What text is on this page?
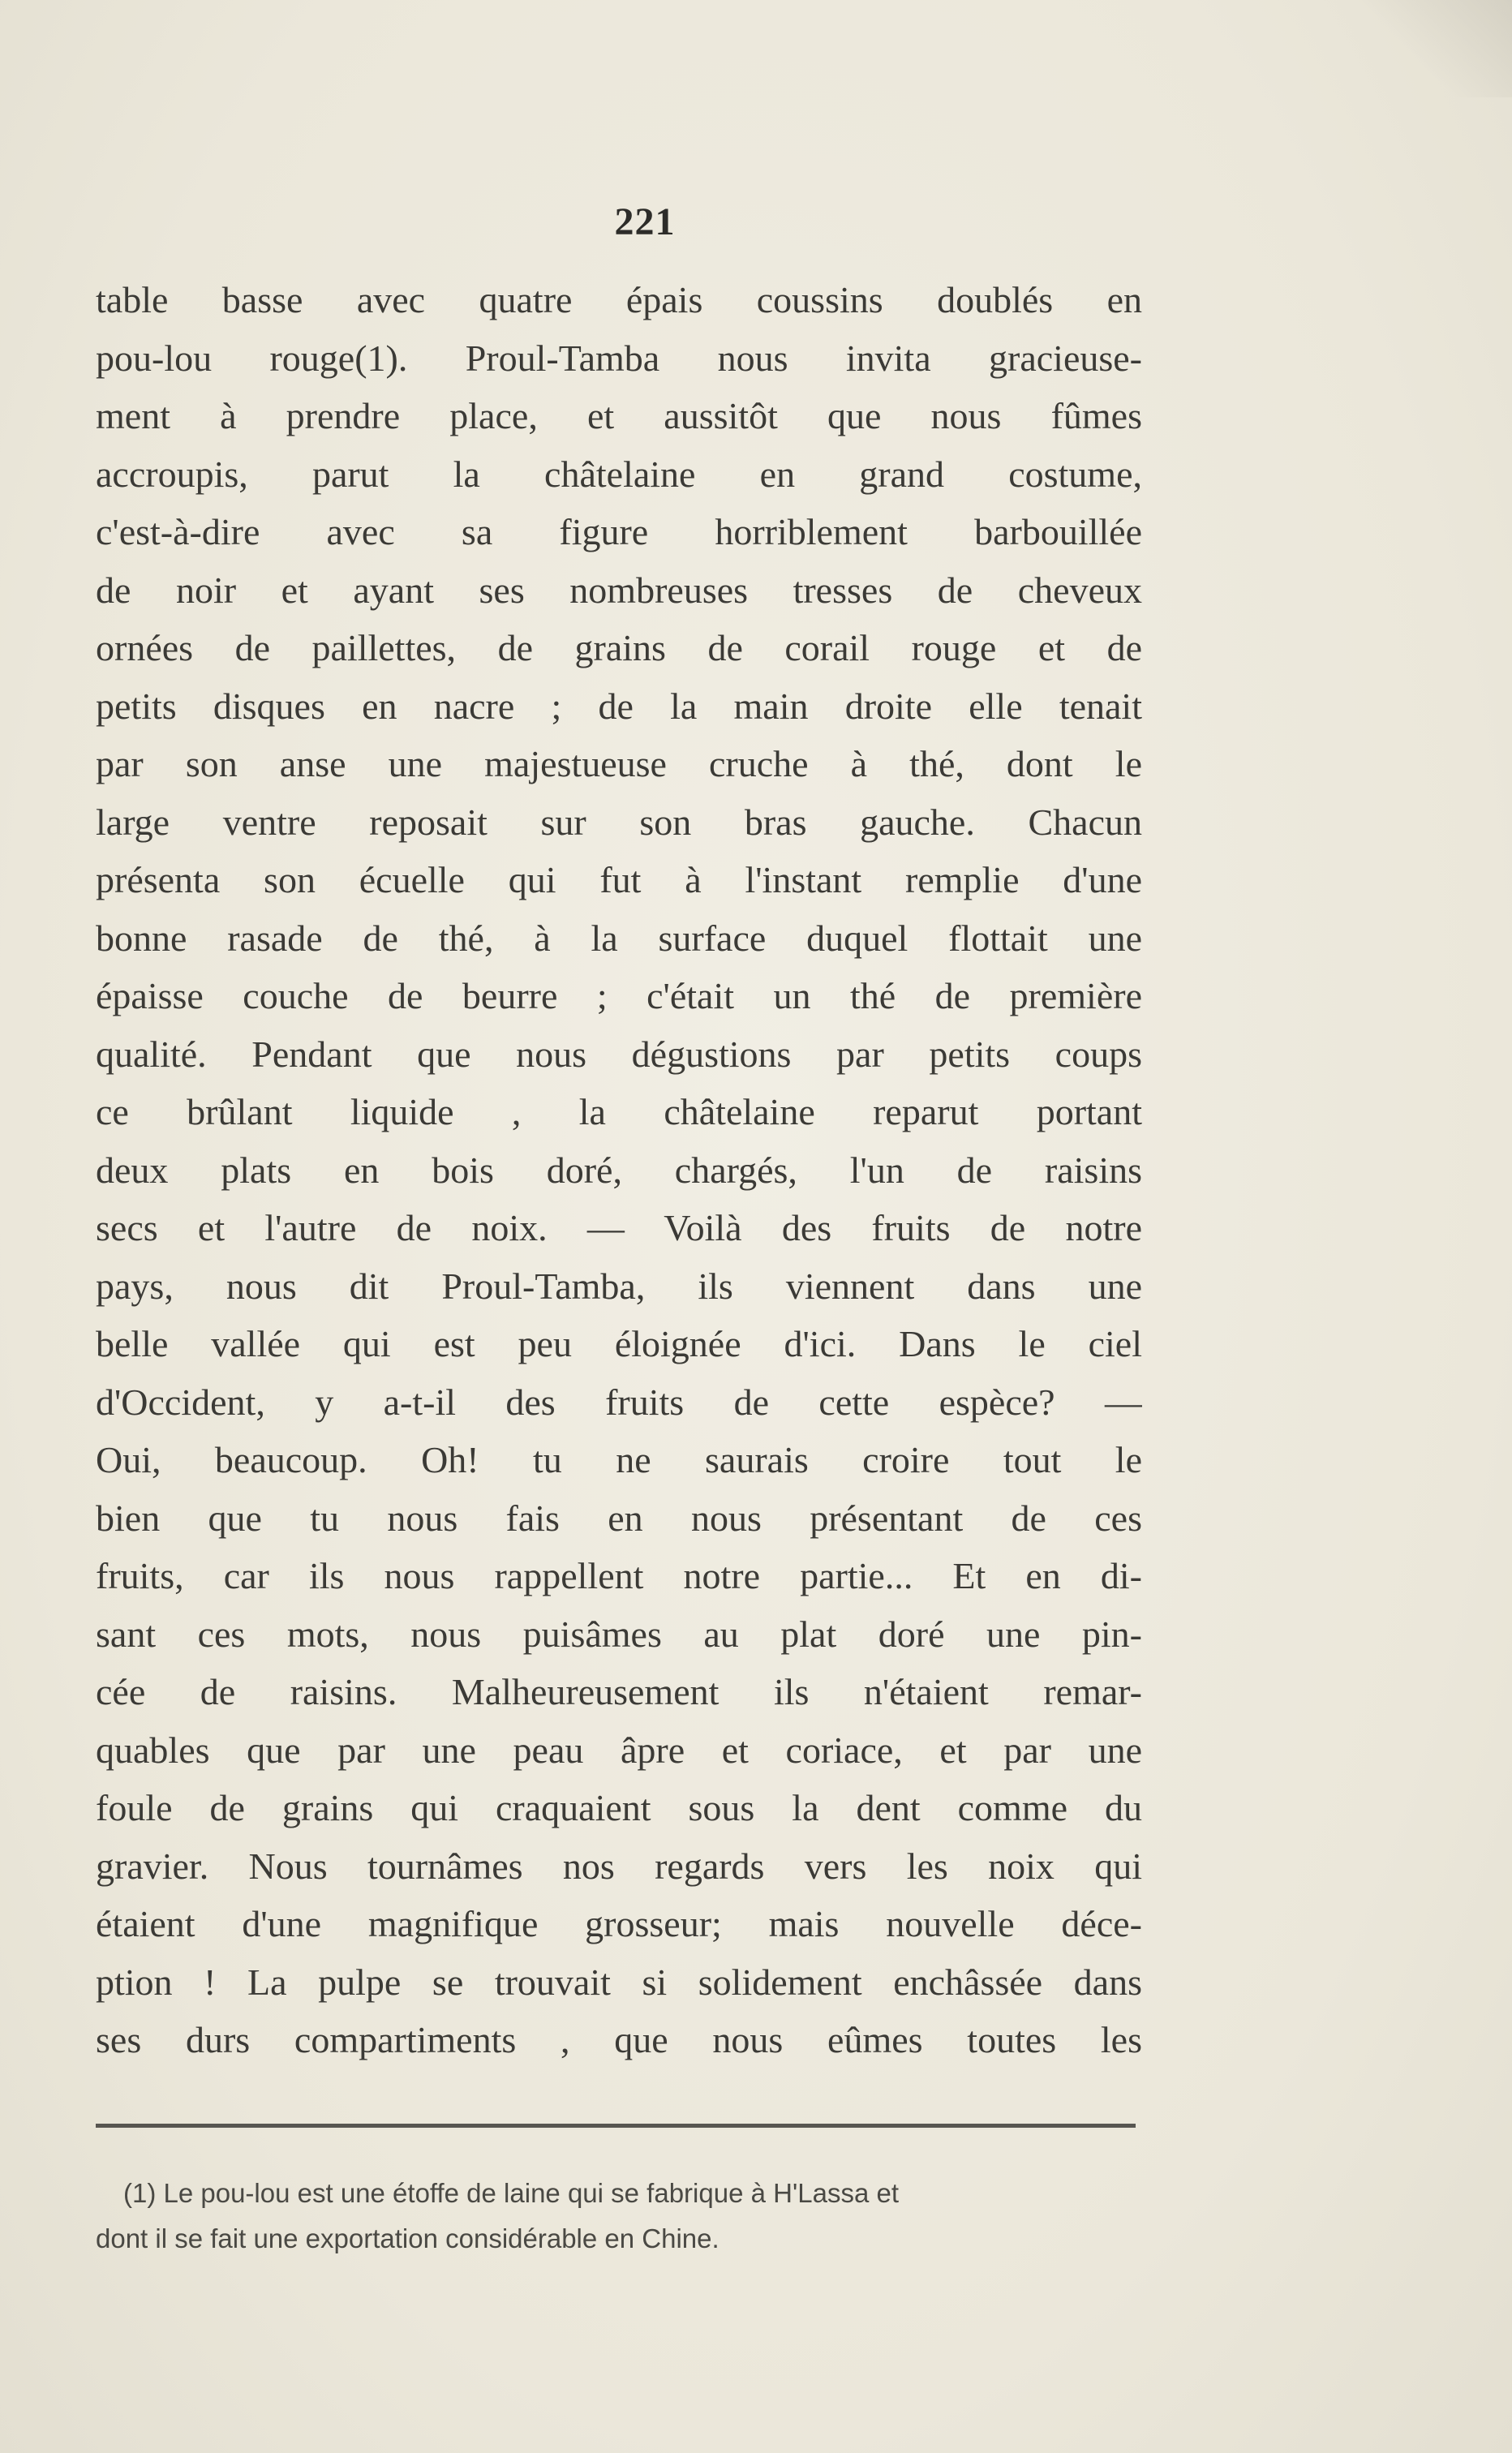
221
table basse avec quatre épais coussins doublés en
pou-lou rouge(1). Proul-Tamba nous invita gracieuse-
ment à prendre place, et aussitôt que nous fûmes
accroupis, parut la châtelaine en grand costume,
c'est-à-dire avec sa figure horriblement barbouillée
de noir et ayant ses nombreuses tresses de cheveux
ornées de paillettes, de grains de corail rouge et de
petits disques en nacre ; de la main droite elle tenait
par son anse une majestueuse cruche à thé, dont le
large ventre reposait sur son bras gauche. Chacun
présenta son écuelle qui fut à l'instant remplie d'une
bonne rasade de thé, à la surface duquel flottait une
épaisse couche de beurre ; c'était un thé de première
qualité. Pendant que nous dégustions par petits coups
ce brûlant liquide , la châtelaine reparut portant
deux plats en bois doré, chargés, l'un de raisins
secs et l'autre de noix. — Voilà des fruits de notre
pays, nous dit Proul-Tamba, ils viennent dans une
belle vallée qui est peu éloignée d'ici. Dans le ciel
d'Occident, y a-t-il des fruits de cette espèce? —
Oui, beaucoup. Oh! tu ne saurais croire tout le
bien que tu nous fais en nous présentant de ces
fruits, car ils nous rappellent notre partie... Et en di-
sant ces mots, nous puisâmes au plat doré une pin-
cée de raisins. Malheureusement ils n'étaient remar-
quables que par une peau âpre et coriace, et par une
foule de grains qui craquaient sous la dent comme du
gravier. Nous tournâmes nos regards vers les noix qui
étaient d'une magnifique grosseur; mais nouvelle déce-
ption ! La pulpe se trouvait si solidement enchâssée dans
ses durs compartiments , que nous eûmes toutes les
(1) Le pou-lou est une étoffe de laine qui se fabrique à H'Lassa et
dont il se fait une exportation considérable en Chine.
